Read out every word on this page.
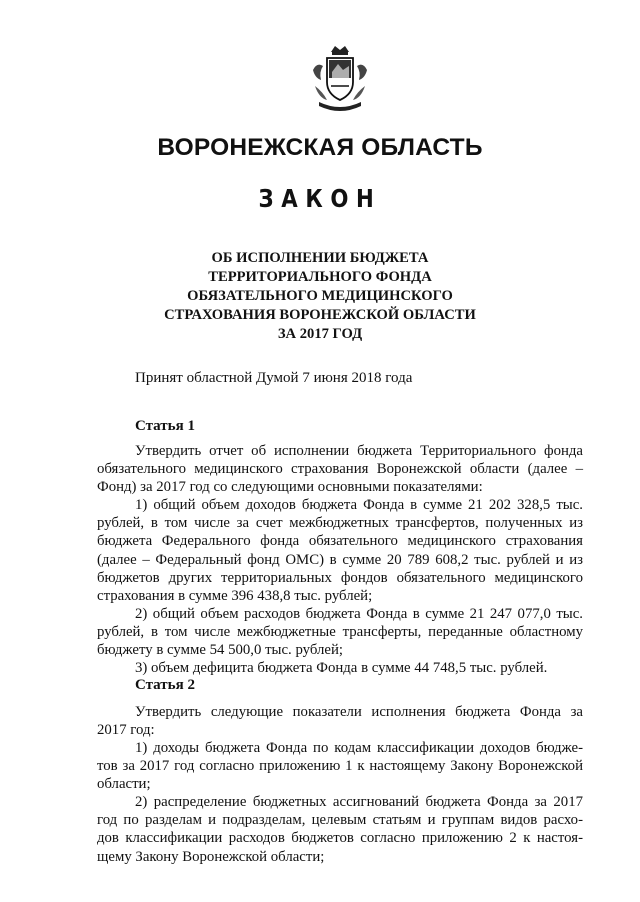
ВОРОНЕЖСКАЯ ОБЛАСТЬ
ЗАКОН
ОБ ИСПОЛНЕНИИ БЮДЖЕТА
ТЕРРИТОРИАЛЬНОГО ФОНДА
ОБЯЗАТЕЛЬНОГО МЕДИЦИНСКОГО
СТРАХОВАНИЯ ВОРОНЕЖСКОЙ ОБЛАСТИ
ЗА 2017 ГОД
Принят областной Думой 7 июня 2018 года
Статья 1
Утвердить отчет об исполнении бюджета Территориального фонда
обязательного медицинского страхования Воронежской области (далее –
Фонд) за 2017 год со следующими основными показателями:
1) общий объем доходов бюджета Фонда в сумме 21 202 328,5 тыс.
рублей, в том числе за счет межбюджетных трансфертов, полученных из
бюджета Федерального фонда обязательного медицинского страхования
(далее – Федеральный фонд ОМС) в сумме 20 789 608,2 тыс. рублей и из
бюджетов других территориальных фондов обязательного медицинского
страхования в сумме 396 438,8 тыс. рублей;
2) общий объем расходов бюджета Фонда в сумме 21 247 077,0 тыс.
рублей, в том числе межбюджетные трансферты, переданные областному
бюджету в сумме 54 500,0 тыс. рублей;
3) объем дефицита бюджета Фонда в сумме 44 748,5 тыс. рублей.
Статья 2
Утвердить следующие показатели исполнения бюджета Фонда за
2017 год:
1) доходы бюджета Фонда по кодам классификации доходов бюдже-
тов за 2017 год согласно приложению 1 к настоящему Закону Воронежской
области;
2) распределение бюджетных ассигнований бюджета Фонда за 2017
год по разделам и подразделам, целевым статьям и группам видов расхо-
дов классификации расходов бюджетов согласно приложению 2 к настоя-
щему Закону Воронежской области;
